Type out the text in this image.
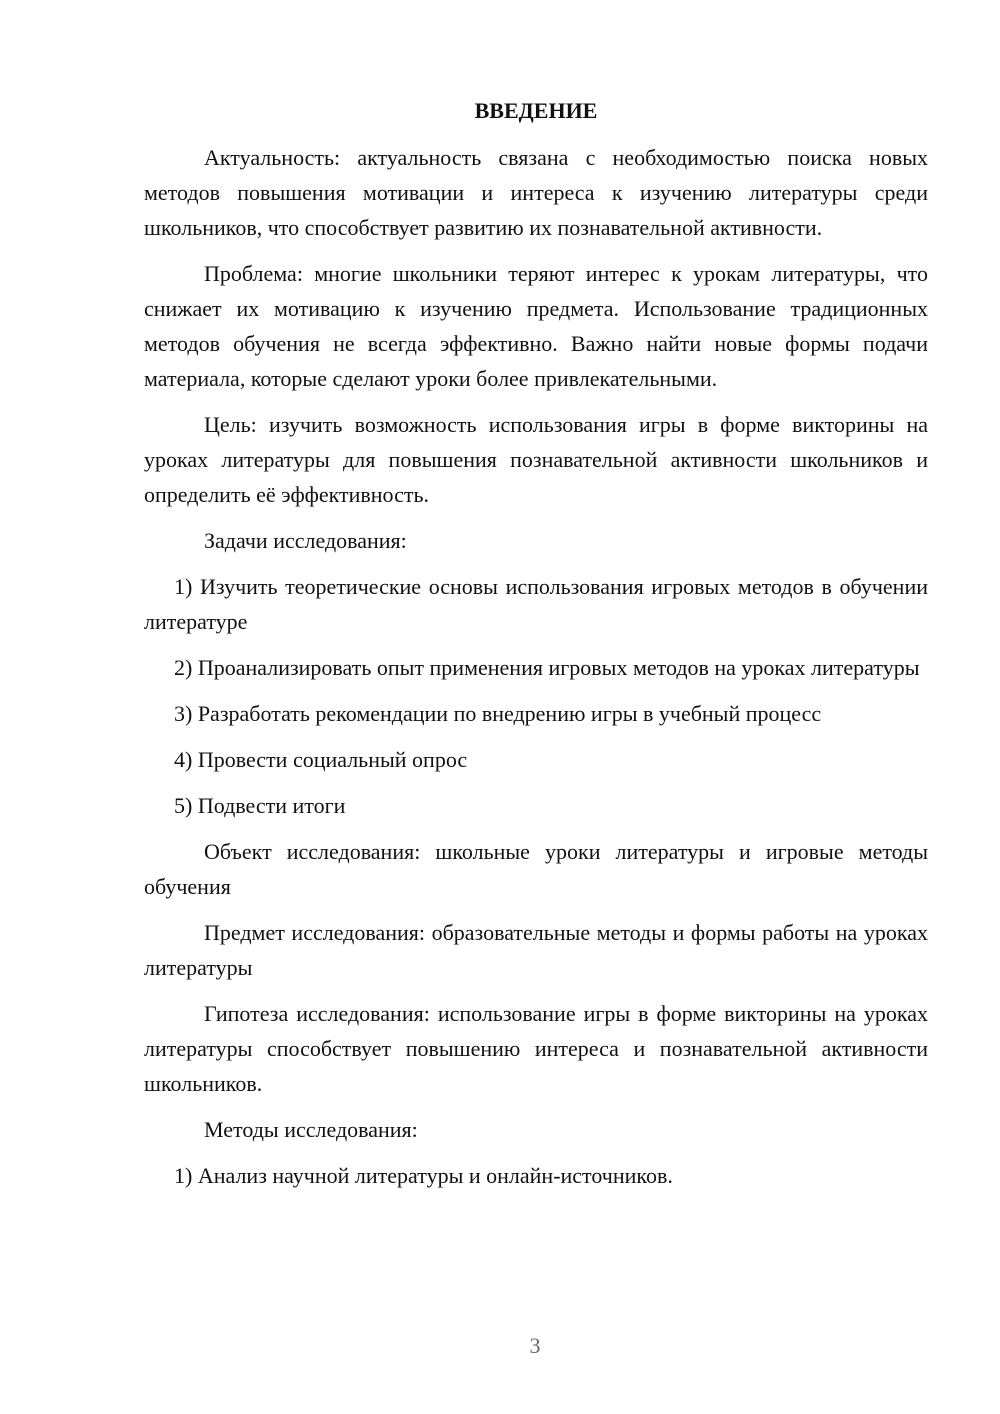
ВВЕДЕНИЕ

Актуальность: актуальность связана с необходимостью поиска новых методов повышения мотивации и интереса к изучению литературы среди школьников, что способствует развитию их познавательной активности.

Проблема: многие школьники теряют интерес к урокам литературы, что снижает их мотивацию к изучению предмета. Использование традиционных методов обучения не всегда эффективно. Важно найти новые формы подачи материала, которые сделают уроки более привлекательными.

Цель: изучить возможность использования игры в форме викторины на уроках литературы для повышения познавательной активности школьников и определить её эффективность.

Задачи исследования:

1) Изучить теоретические основы использования игровых методов в обучении литературе

2) Проанализировать опыт применения игровых методов на уроках литературы

3) Разработать рекомендации по внедрению игры в учебный процесс

4) Провести социальный опрос

5) Подвести итоги

Объект исследования: школьные уроки литературы и игровые методы обучения

Предмет исследования: образовательные методы и формы работы на уроках литературы

Гипотеза исследования: использование игры в форме викторины на уроках литературы способствует повышению интереса и познавательной активности школьников.

Методы исследования:

1) Анализ научной литературы и онлайн-источников.

3
